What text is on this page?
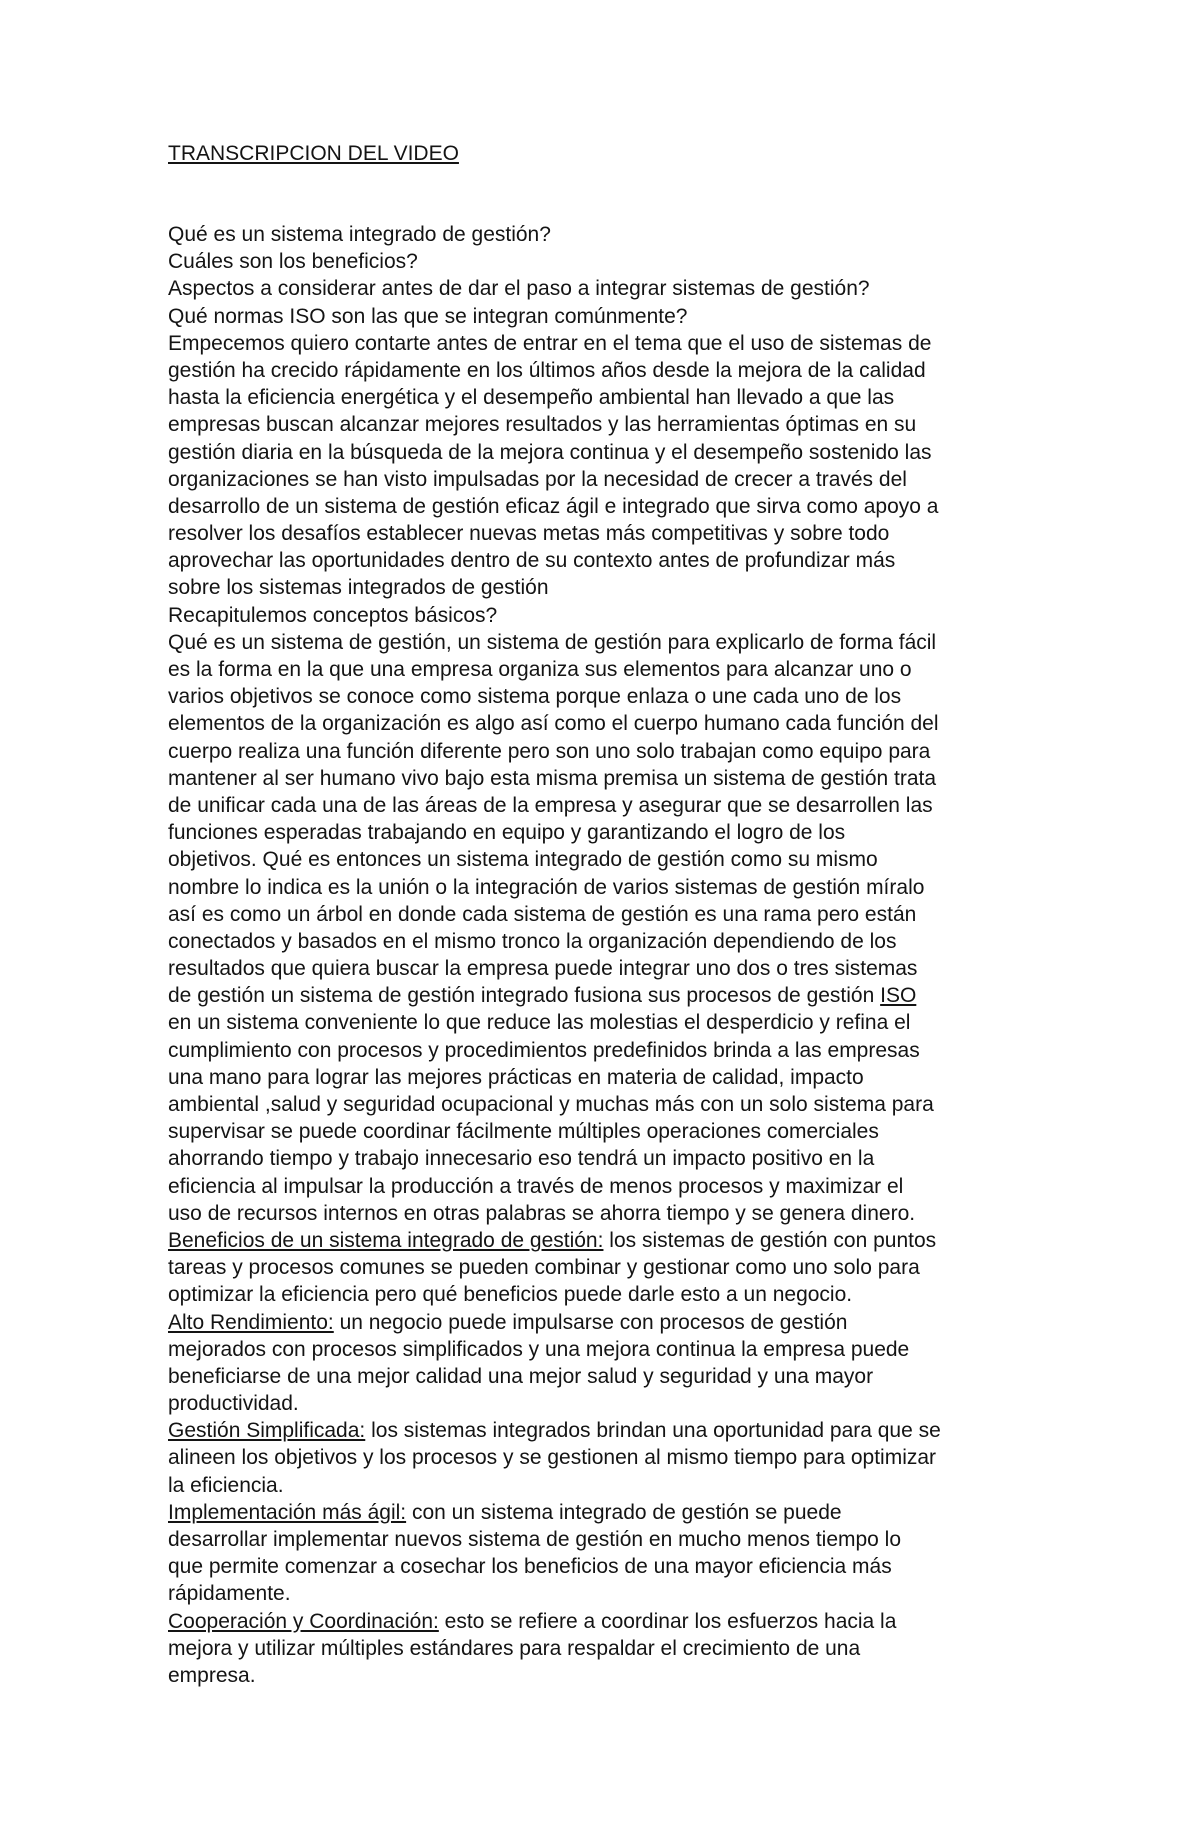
TRANSCRIPCION DEL VIDEO
Qué es un sistema integrado de gestión?
Cuáles son los beneficios?
Aspectos a considerar antes de dar el paso a integrar sistemas de gestión?
Qué normas ISO son las que se integran comúnmente?
Empecemos quiero contarte antes de entrar en el tema que el uso de sistemas de
gestión ha crecido rápidamente en los últimos años desde la mejora de la calidad
hasta la eficiencia energética y el desempeño ambiental han llevado a que las
empresas buscan alcanzar mejores resultados y las herramientas óptimas en su
gestión diaria en la búsqueda de la mejora continua y el desempeño sostenido las
organizaciones se han visto impulsadas por la necesidad de crecer a través del
desarrollo de un sistema de gestión eficaz ágil e integrado que sirva como apoyo a
resolver los desafíos establecer nuevas metas más competitivas y sobre todo
aprovechar las oportunidades dentro de su contexto antes de profundizar más
sobre los sistemas integrados de gestión
Recapitulemos conceptos básicos?
Qué es un sistema de gestión, un sistema de gestión para explicarlo de forma fácil
es la forma en la que una empresa organiza sus elementos para alcanzar uno o
varios objetivos se conoce como sistema porque enlaza o une cada uno de los
elementos de la organización es algo así como el cuerpo humano cada función del
cuerpo realiza una función diferente pero son uno solo trabajan como equipo para
mantener al ser humano vivo bajo esta misma premisa un sistema de gestión trata
de unificar cada una de las áreas de la empresa y asegurar que se desarrollen las
funciones esperadas trabajando en equipo y garantizando el logro de los
objetivos. Qué es entonces un sistema integrado de gestión como su mismo
nombre lo indica es la unión o la integración de varios sistemas de gestión míralo
así es como un árbol en donde cada sistema de gestión es una rama pero están
conectados y basados en el mismo tronco la organización dependiendo de los
resultados que quiera buscar la empresa puede integrar uno dos o tres sistemas
de gestión un sistema de gestión integrado fusiona sus procesos de gestión ISO
en un sistema conveniente lo que reduce las molestias el desperdicio y refina el
cumplimiento con procesos y procedimientos predefinidos brinda a las empresas
una mano para lograr las mejores prácticas en materia de calidad, impacto
ambiental ,salud y seguridad ocupacional y muchas más con un solo sistema para
supervisar se puede coordinar fácilmente múltiples operaciones comerciales
ahorrando tiempo y trabajo innecesario eso tendrá un impacto positivo en la
eficiencia al impulsar la producción a través de menos procesos y maximizar el
uso de recursos internos en otras palabras se ahorra tiempo y se genera dinero.
Beneficios de un sistema integrado de gestión: los sistemas de gestión con puntos
tareas y procesos comunes se pueden combinar y gestionar como uno solo para
optimizar la eficiencia pero qué beneficios puede darle esto a un negocio.
Alto Rendimiento: un negocio puede impulsarse con procesos de gestión
mejorados con procesos simplificados y una mejora continua la empresa puede
beneficiarse de una mejor calidad una mejor salud y seguridad y una mayor
productividad.
Gestión Simplificada: los sistemas integrados brindan una oportunidad para que se
alineen los objetivos y los procesos y se gestionen al mismo tiempo para optimizar
la eficiencia.
Implementación más ágil: con un sistema integrado de gestión se puede
desarrollar implementar nuevos sistema de gestión en mucho menos tiempo lo
que permite comenzar a cosechar los beneficios de una mayor eficiencia más
rápidamente.
Cooperación y Coordinación: esto se refiere a coordinar los esfuerzos hacia la
mejora y utilizar múltiples estándares para respaldar el crecimiento de una
empresa.
